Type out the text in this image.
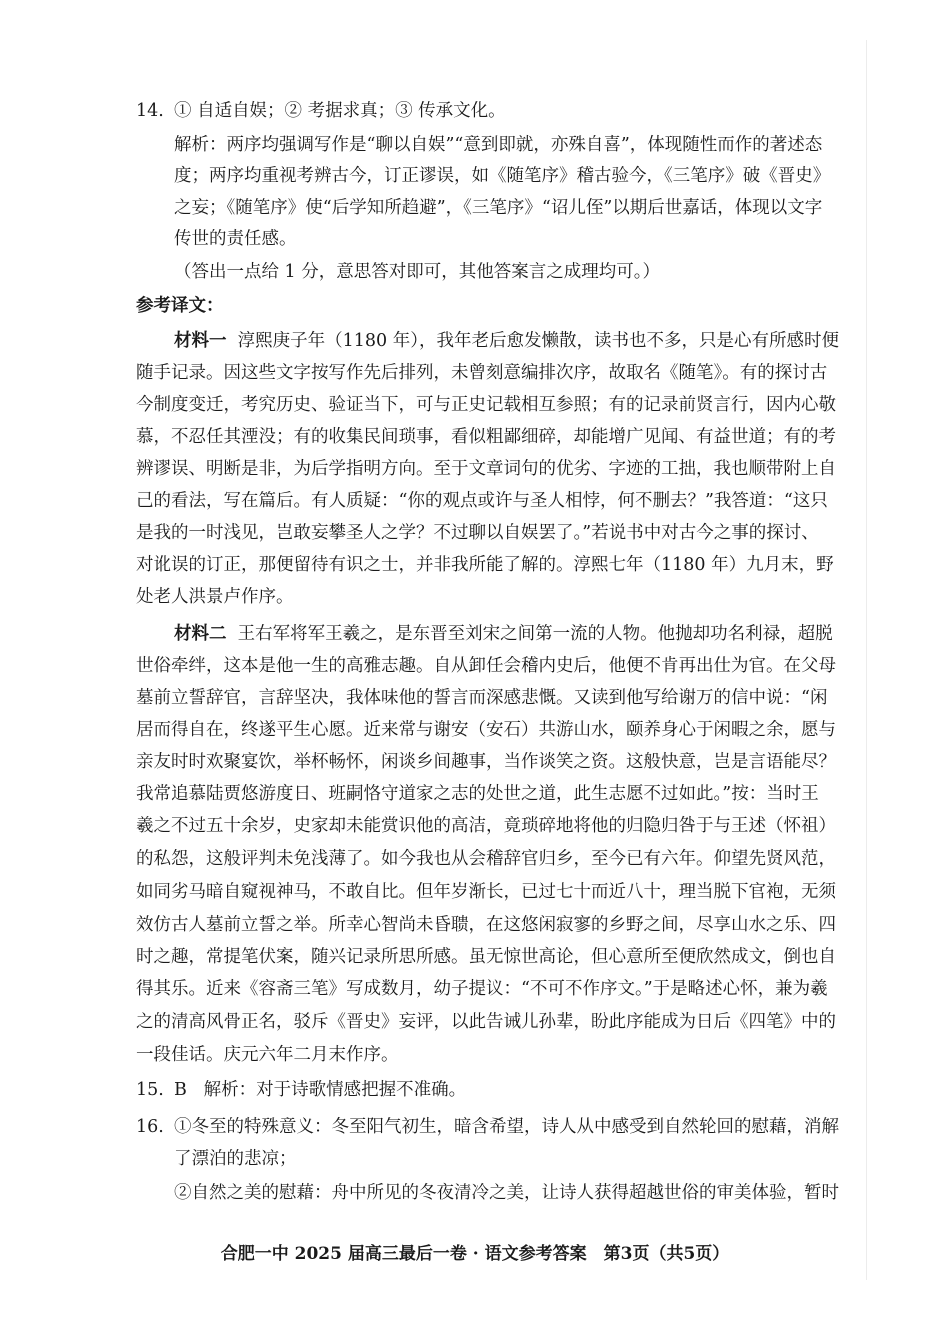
14. ① 自适自娱；② 考据求真；③ 传承文化。
解析：两序均强调写作是“聊以自娱”“意到即就，亦殊自喜”，体现随性而作的著述态
度；两序均重视考辨古今，订正谬误，如《随笔序》稽古验今，《三笔序》破《晋史》
之妄；《随笔序》使“后学知所趋避”，《三笔序》“诏儿侄”以期后世嘉话，体现以文字
传世的责任感。
（答出一点给 1 分，意思答对即可，其他答案言之成理均可。）
参考译文：
材料一 淳熙庚子年（1180 年），我年老后愈发懒散，读书也不多，只是心有所感时便
随手记录。因这些文字按写作先后排列，未曾刻意编排次序，故取名《随笔》。有的探讨古
今制度变迁，考究历史、验证当下，可与正史记载相互参照；有的记录前贤言行，因内心敬
慕，不忍任其湮没；有的收集民间琐事，看似粗鄙细碎，却能增广见闻、有益世道；有的考
辨谬误、明断是非，为后学指明方向。至于文章词句的优劣、字迹的工拙，我也顺带附上自
己的看法，写在篇后。有人质疑：“你的观点或许与圣人相悖，何不删去？”我答道：“这只
是我的一时浅见，岂敢妄攀圣人之学？不过聊以自娱罢了。”若说书中对古今之事的探讨、
对讹误的订正，那便留待有识之士，并非我所能了解的。淳熙七年（1180 年）九月末，野
处老人洪景卢作序。
材料二 王右军将军王羲之，是东晋至刘宋之间第一流的人物。他抛却功名利禄，超脱
世俗牵绊，这本是他一生的高雅志趣。自从卸任会稽内史后，他便不肯再出仕为官。在父母
墓前立誓辞官，言辞坚决，我体味他的誓言而深感悲慨。又读到他写给谢万的信中说：“闲
居而得自在，终遂平生心愿。近来常与谢安（安石）共游山水，颐养身心于闲暇之余，愿与
亲友时时欢聚宴饮，举杯畅怀，闲谈乡间趣事，当作谈笑之资。这般快意，岂是言语能尽？
我常追慕陆贾悠游度日、班嗣恪守道家之志的处世之道，此生志愿不过如此。”按：当时王
羲之不过五十余岁，史家却未能赏识他的高洁，竟琐碎地将他的归隐归咎于与王述（怀祖）
的私怨，这般评判未免浅薄了。如今我也从会稽辞官归乡，至今已有六年。仰望先贤风范，
如同劣马暗自窥视神马，不敢自比。但年岁渐长，已过七十而近八十，理当脱下官袍，无须
效仿古人墓前立誓之举。所幸心智尚未昏聩，在这悠闲寂寥的乡野之间，尽享山水之乐、四
时之趣，常提笔伏案，随兴记录所思所感。虽无惊世高论，但心意所至便欣然成文，倒也自
得其乐。近来《容斋三笔》写成数月，幼子提议：“不可不作序文。”于是略述心怀，兼为羲
之的清高风骨正名，驳斥《晋史》妄评，以此告诫儿孙辈，盼此序能成为日后《四笔》中的
一段佳话。庆元六年二月末作序。
15. B 解析：对于诗歌情感把握不准确。
16. ①冬至的特殊意义：冬至阳气初生，暗含希望，诗人从中感受到自然轮回的慰藉，消解
了漂泊的悲凉；
②自然之美的慰藉：舟中所见的冬夜清冷之美，让诗人获得超越世俗的审美体验，暂时
合肥一中 2025 届高三最后一卷 · 语文参考答案　第3页（共5页）
